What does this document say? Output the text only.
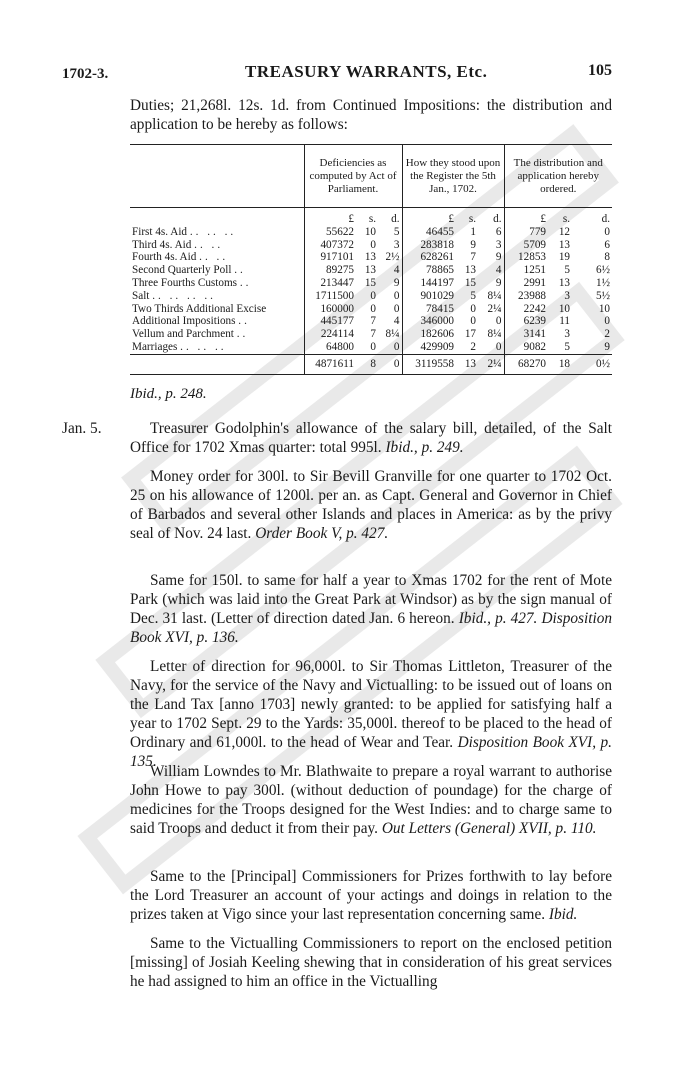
1702-3.	TREASURY WARRANTS, Etc.	105
Duties; 21,268l. 12s. 1d. from Continued Impositions: the distribution and application to be hereby as follows:
	Deficiencies as computed by Act of Parliament.			How they stood upon the Register the 5th Jan., 1702.			The distribution and application hereby ordered.		
	£	s.	d.	£	s.	d.	£	s.	d.
First 4s. Aid .. .. ..	55622	10	5	46455	1	6	779	12	0
Third 4s. Aid .. ..	407372	0	3	283818	9	3	5709	13	6
Fourth 4s. Aid .. ..	917101	13	2½	628261	7	9	12853	19	8
Second Quarterly Poll ..	89275	13	4	78865	13	4	1251	5	6½
Three Fourths Customs ..	213447	15	9	144197	15	9	2991	13	1½
Salt .. .. .. ..	1711500	0	0	901029	5	8¼	23988	3	5½
Two Thirds Additional Excise	160000	0	0	78415	0	2¼	2242	10	10
Additional Impositions ..	445177	7	4	346000	0	0	6239	11	0
Vellum and Parchment ..	224114	7	8¼	182606	17	8¼	3141	3	2
Marriages .. .. ..	64800	0	0	429909	2	0	9082	5	9
	4871611	8	0	3119558	13	2¼	68270	18	0½
Ibid., p. 248.
Jan. 5.	Treasurer Godolphin's allowance of the salary bill, detailed, of the Salt Office for 1702 Xmas quarter: total 995l. Ibid., p. 249.

Money order for 300l. to Sir Bevill Granville for one quarter to 1702 Oct. 25 on his allowance of 1200l. per an. as Capt. General and Governor in Chief of Barbados and several other Islands and places in America: as by the privy seal of Nov. 24 last. Order Book V, p. 427.

Same for 150l. to same for half a year to Xmas 1702 for the rent of Mote Park (which was laid into the Great Park at Windsor) as by the sign manual of Dec. 31 last. (Letter of direction dated Jan. 6 hereon. Ibid., p. 427. Disposition Book XVI, p. 136.

Letter of direction for 96,000l. to Sir Thomas Littleton, Treasurer of the Navy, for the service of the Navy and Victualling: to be issued out of loans on the Land Tax [anno 1703] newly granted: to be applied for satisfying half a year to 1702 Sept. 29 to the Yards: 35,000l. thereof to be placed to the head of Ordinary and 61,000l. to the head of Wear and Tear. Disposition Book XVI, p. 135.

William Lowndes to Mr. Blathwaite to prepare a royal warrant to authorise John Howe to pay 300l. (without deduction of poundage) for the charge of medicines for the Troops designed for the West Indies: and to charge same to said Troops and deduct it from their pay. Out Letters (General) XVII, p. 110.

Same to the [Principal] Commissioners for Prizes forthwith to lay before the Lord Treasurer an account of your actings and doings in relation to the prizes taken at Vigo since your last representation concerning same. Ibid.

Same to the Victualling Commissioners to report on the enclosed petition [missing] of Josiah Keeling shewing that in consideration of his great services he had assigned to him an office in the Victualling
